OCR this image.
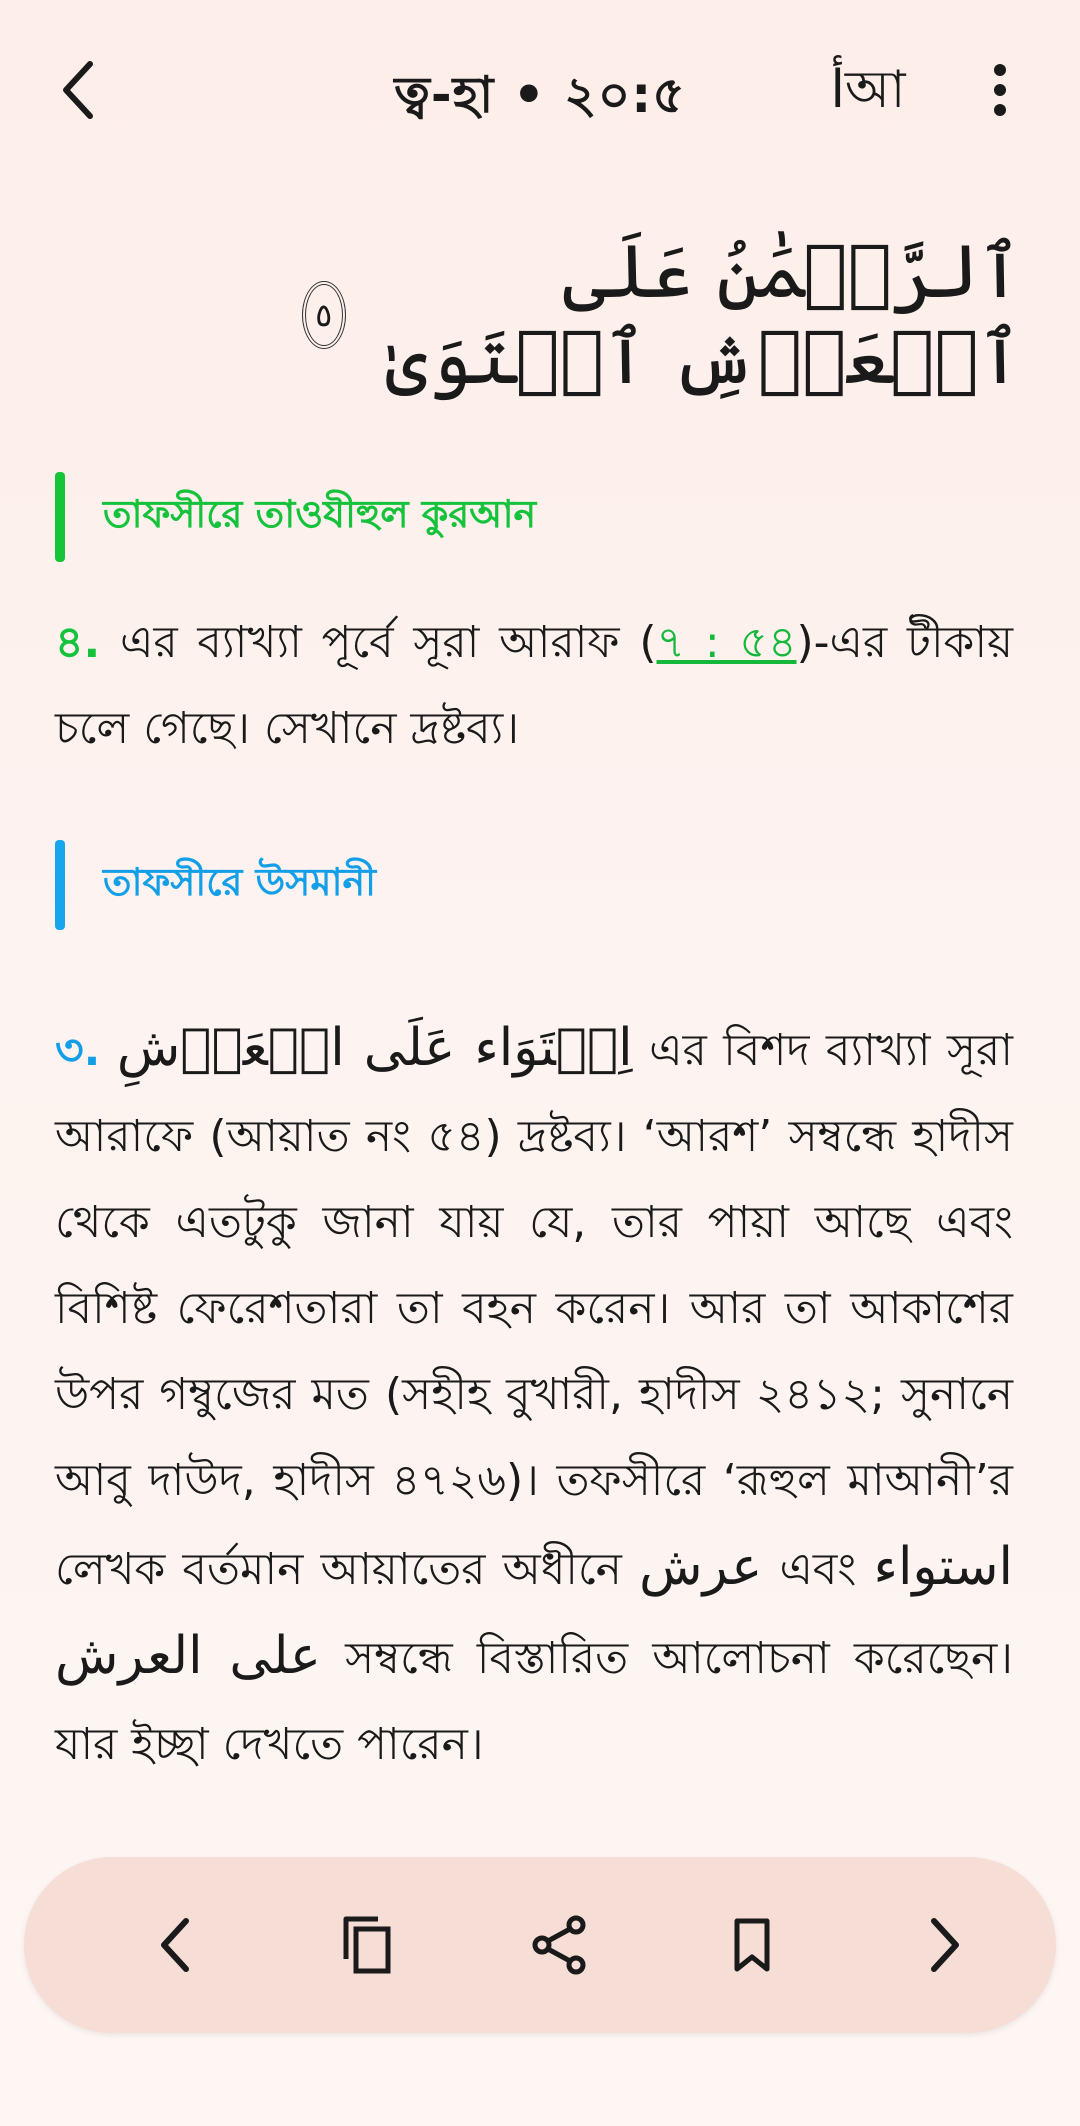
ত্ব-হা • ২০:৫	أআ
ٱلرَّحۡمَٰنُ عَلَى ٱلۡعَرۡشِ ٱسۡتَوَىٰ
٥
তাফসীরে তাওযীহুল কুরআন
৪. এর ব্যাখ্যা পূর্বে সূরা আরাফ (৭ : ৫৪)-এর টীকায় চলে গেছে। সেখানে দ্রষ্টব্য।
তাফসীরে উসমানী
৩. اِسۡتَوَاء عَلَى الۡعَرۡشِ এর বিশদ ব্যাখ্যা সূরা আরাফে (আয়াত নং ৫৪) দ্রষ্টব্য। ‘আরশ’ সম্বন্ধে হাদীস থেকে এতটুকু জানা যায় যে, তার পায়া আছে এবং বিশিষ্ট ফেরেশতারা তা বহন করেন। আর তা আকাশের উপর গম্বুজের মত (সহীহ বুখারী, হাদীস ২৪১২; সুনানে আবু দাউদ, হাদীস ৪৭২৬)। তফসীরে ‘রূহুল মাআনী’র লেখক বর্তমান আয়াতের অধীনে عرش এবং استواء على العرش সম্বন্ধে বিস্তারিত আলোচনা করেছেন। যার ইচ্ছা দেখতে পারেন।
